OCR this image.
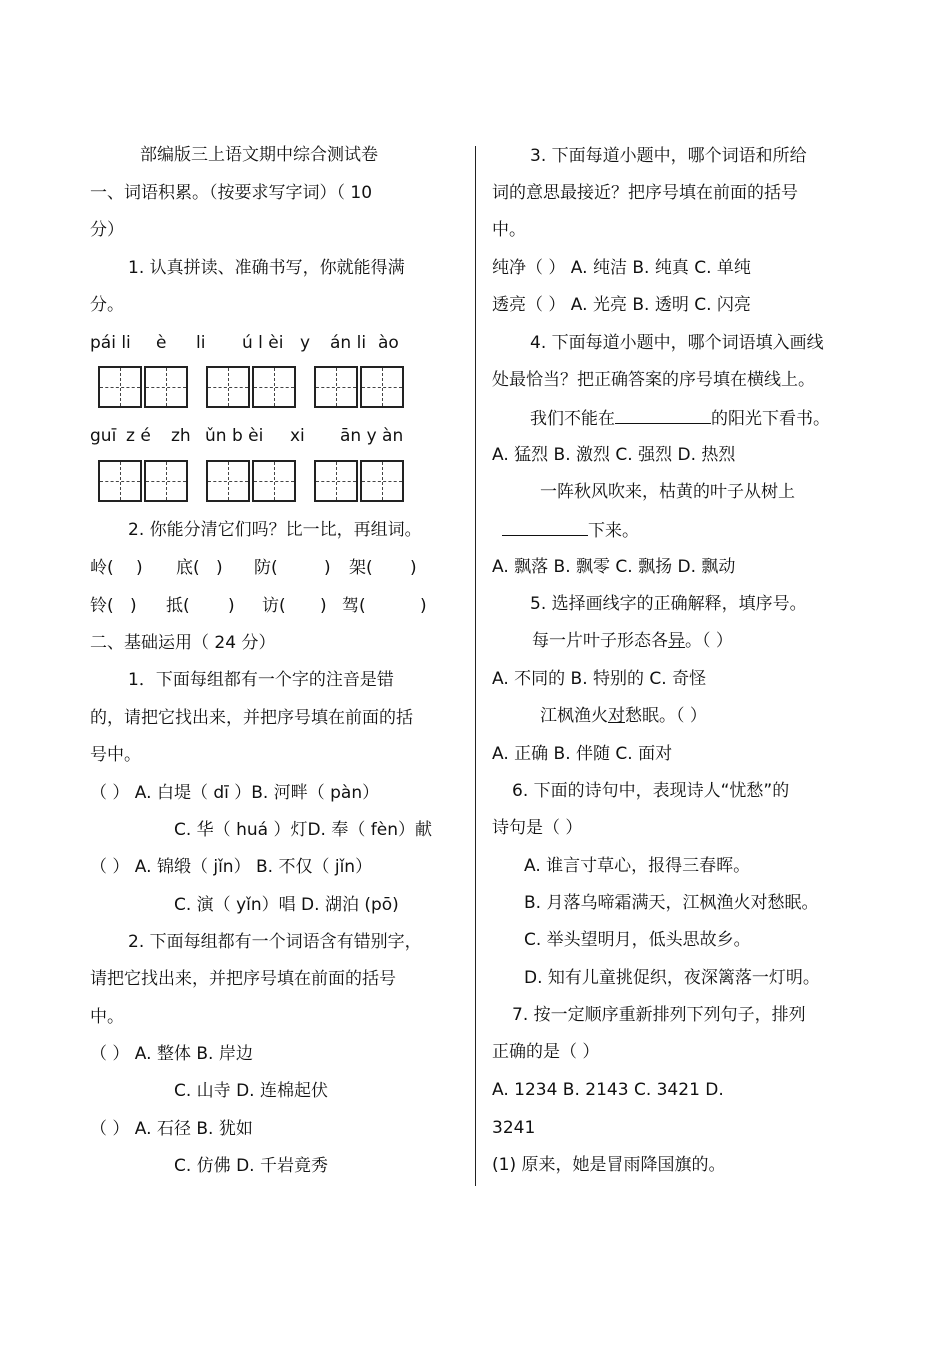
部编版三上语文期中综合测试卷
一、词语积累。（按要求写字词）（ 10
分）
1. 认真拼读、准确书写，你就能得满
分。
pái li è li ú l èi y án li ào
guī z é zh ǔn b èi xi ān y àn
2. 你能分清它们吗？比一比，再组词。
岭( ) 底( ) 防(	) 架( )
铃( ) 抵( ) 访( ) 驾(	)
二、基础运用（ 24 分）
1．下面每组都有一个字的注音是错
的，请把它找出来，并把序号填在前面的括
号中。
（ ） A. 白堤（ dī ）B. 河畔（ pàn）
C. 华（ huá ）灯D. 奉（ fèn）献
（ ） A. 锦缎（ jǐn） B. 不仅（ jǐn）
C. 演（ yǐn）唱 D. 湖泊 (pō)
2. 下面每组都有一个词语含有错别字，
请把它找出来，并把序号填在前面的括号
中。
（ ） A. 整体 B. 岸边
C. 山寺 D. 连棉起伏
（ ） A. 石径 B. 犹如
C. 仿佛 D. 千岩竟秀
3. 下面每道小题中，哪个词语和所给
词的意思最接近？把序号填在前面的括号
中。
纯净（ ） A. 纯洁 B. 纯真 C. 单纯
透亮（ ） A. 光亮 B. 透明 C. 闪亮
4. 下面每道小题中，哪个词语填入画线
处最恰当？把正确答案的序号填在横线上。
我们不能在	的阳光下看书。
A. 猛烈 B. 激烈 C. 强烈 D. 热烈
一阵秋风吹来，枯黄的叶子从树上
下来。
A. 飘落 B. 飘零 C. 飘扬 D. 飘动
5. 选择画线字的正确解释，填序号。
每一片叶子形态各异。（ ）
A. 不同的 B. 特别的 C. 奇怪
江枫渔火对愁眠。（ ）
A. 正确 B. 伴随 C. 面对
6. 下面的诗句中，表现诗人“忧愁”的
诗句是（ ）
A. 谁言寸草心，报得三春晖。
B. 月落乌啼霜满天，江枫渔火对愁眠。
C. 举头望明月，低头思故乡。
D. 知有儿童挑促织，夜深篱落一灯明。
7. 按一定顺序重新排列下列句子，排列
正确的是（ ）
A. 1234 B. 2143 C. 3421 D.
3241
(1) 原来，她是冒雨降国旗的。
